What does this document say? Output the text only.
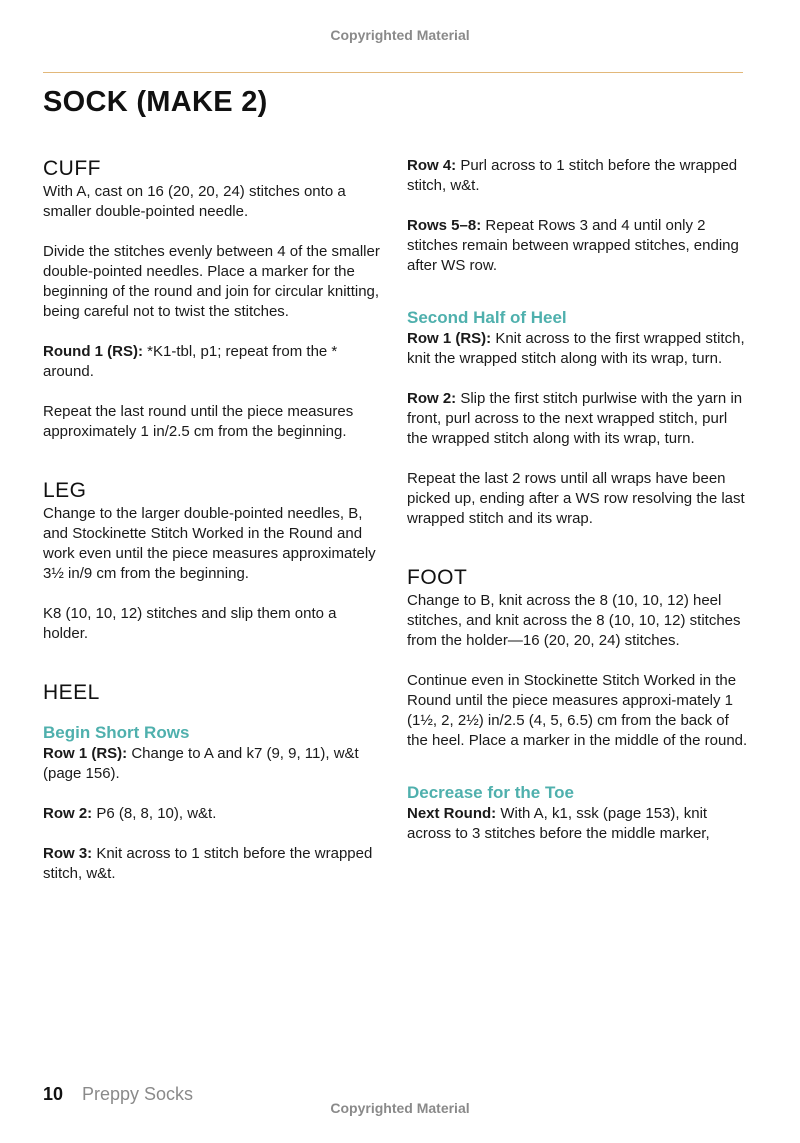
Copyrighted Material
SOCK (MAKE 2)
CUFF

With A, cast on 16 (20, 20, 24) stitches onto a smaller double-pointed needle.

Divide the stitches evenly between 4 of the smaller double-pointed needles. Place a marker for the beginning of the round and join for circular knitting, being careful not to twist the stitches.

Round 1 (RS): *K1-tbl, p1; repeat from the * around.

Repeat the last round until the piece measures approximately 1 in/2.5 cm from the beginning.

LEG

Change to the larger double-pointed needles, B, and Stockinette Stitch Worked in the Round and work even until the piece measures approximately 3½ in/9 cm from the beginning.

K8 (10, 10, 12) stitches and slip them onto a holder.

HEEL
Begin Short Rows

Row 1 (RS): Change to A and k7 (9, 9, 11), w&t (page 156).

Row 2: P6 (8, 8, 10), w&t.

Row 3: Knit across to 1 stitch before the wrapped stitch, w&t.

Row 4: Purl across to 1 stitch before the wrapped stitch, w&t.

Rows 5–8: Repeat Rows 3 and 4 until only 2 stitches remain between wrapped stitches, ending after WS row.

Second Half of Heel

Row 1 (RS): Knit across to the first wrapped stitch, knit the wrapped stitch along with its wrap, turn.

Row 2: Slip the first stitch purlwise with the yarn in front, purl across to the next wrapped stitch, purl the wrapped stitch along with its wrap, turn.

Repeat the last 2 rows until all wraps have been picked up, ending after a WS row resolving the last wrapped stitch and its wrap.

FOOT

Change to B, knit across the 8 (10, 10, 12) heel stitches, and knit across the 8 (10, 10, 12) stitches from the holder—16 (20, 20, 24) stitches.

Continue even in Stockinette Stitch Worked in the Round until the piece measures approxi-mately 1 (1½, 2, 2½) in/2.5 (4, 5, 6.5) cm from the back of the heel. Place a marker in the middle of the round.

Decrease for the Toe

Next Round: With A, k1, ssk (page 153), knit across to 3 stitches before the middle marker,

10 Preppy Socks
Copyrighted Material
